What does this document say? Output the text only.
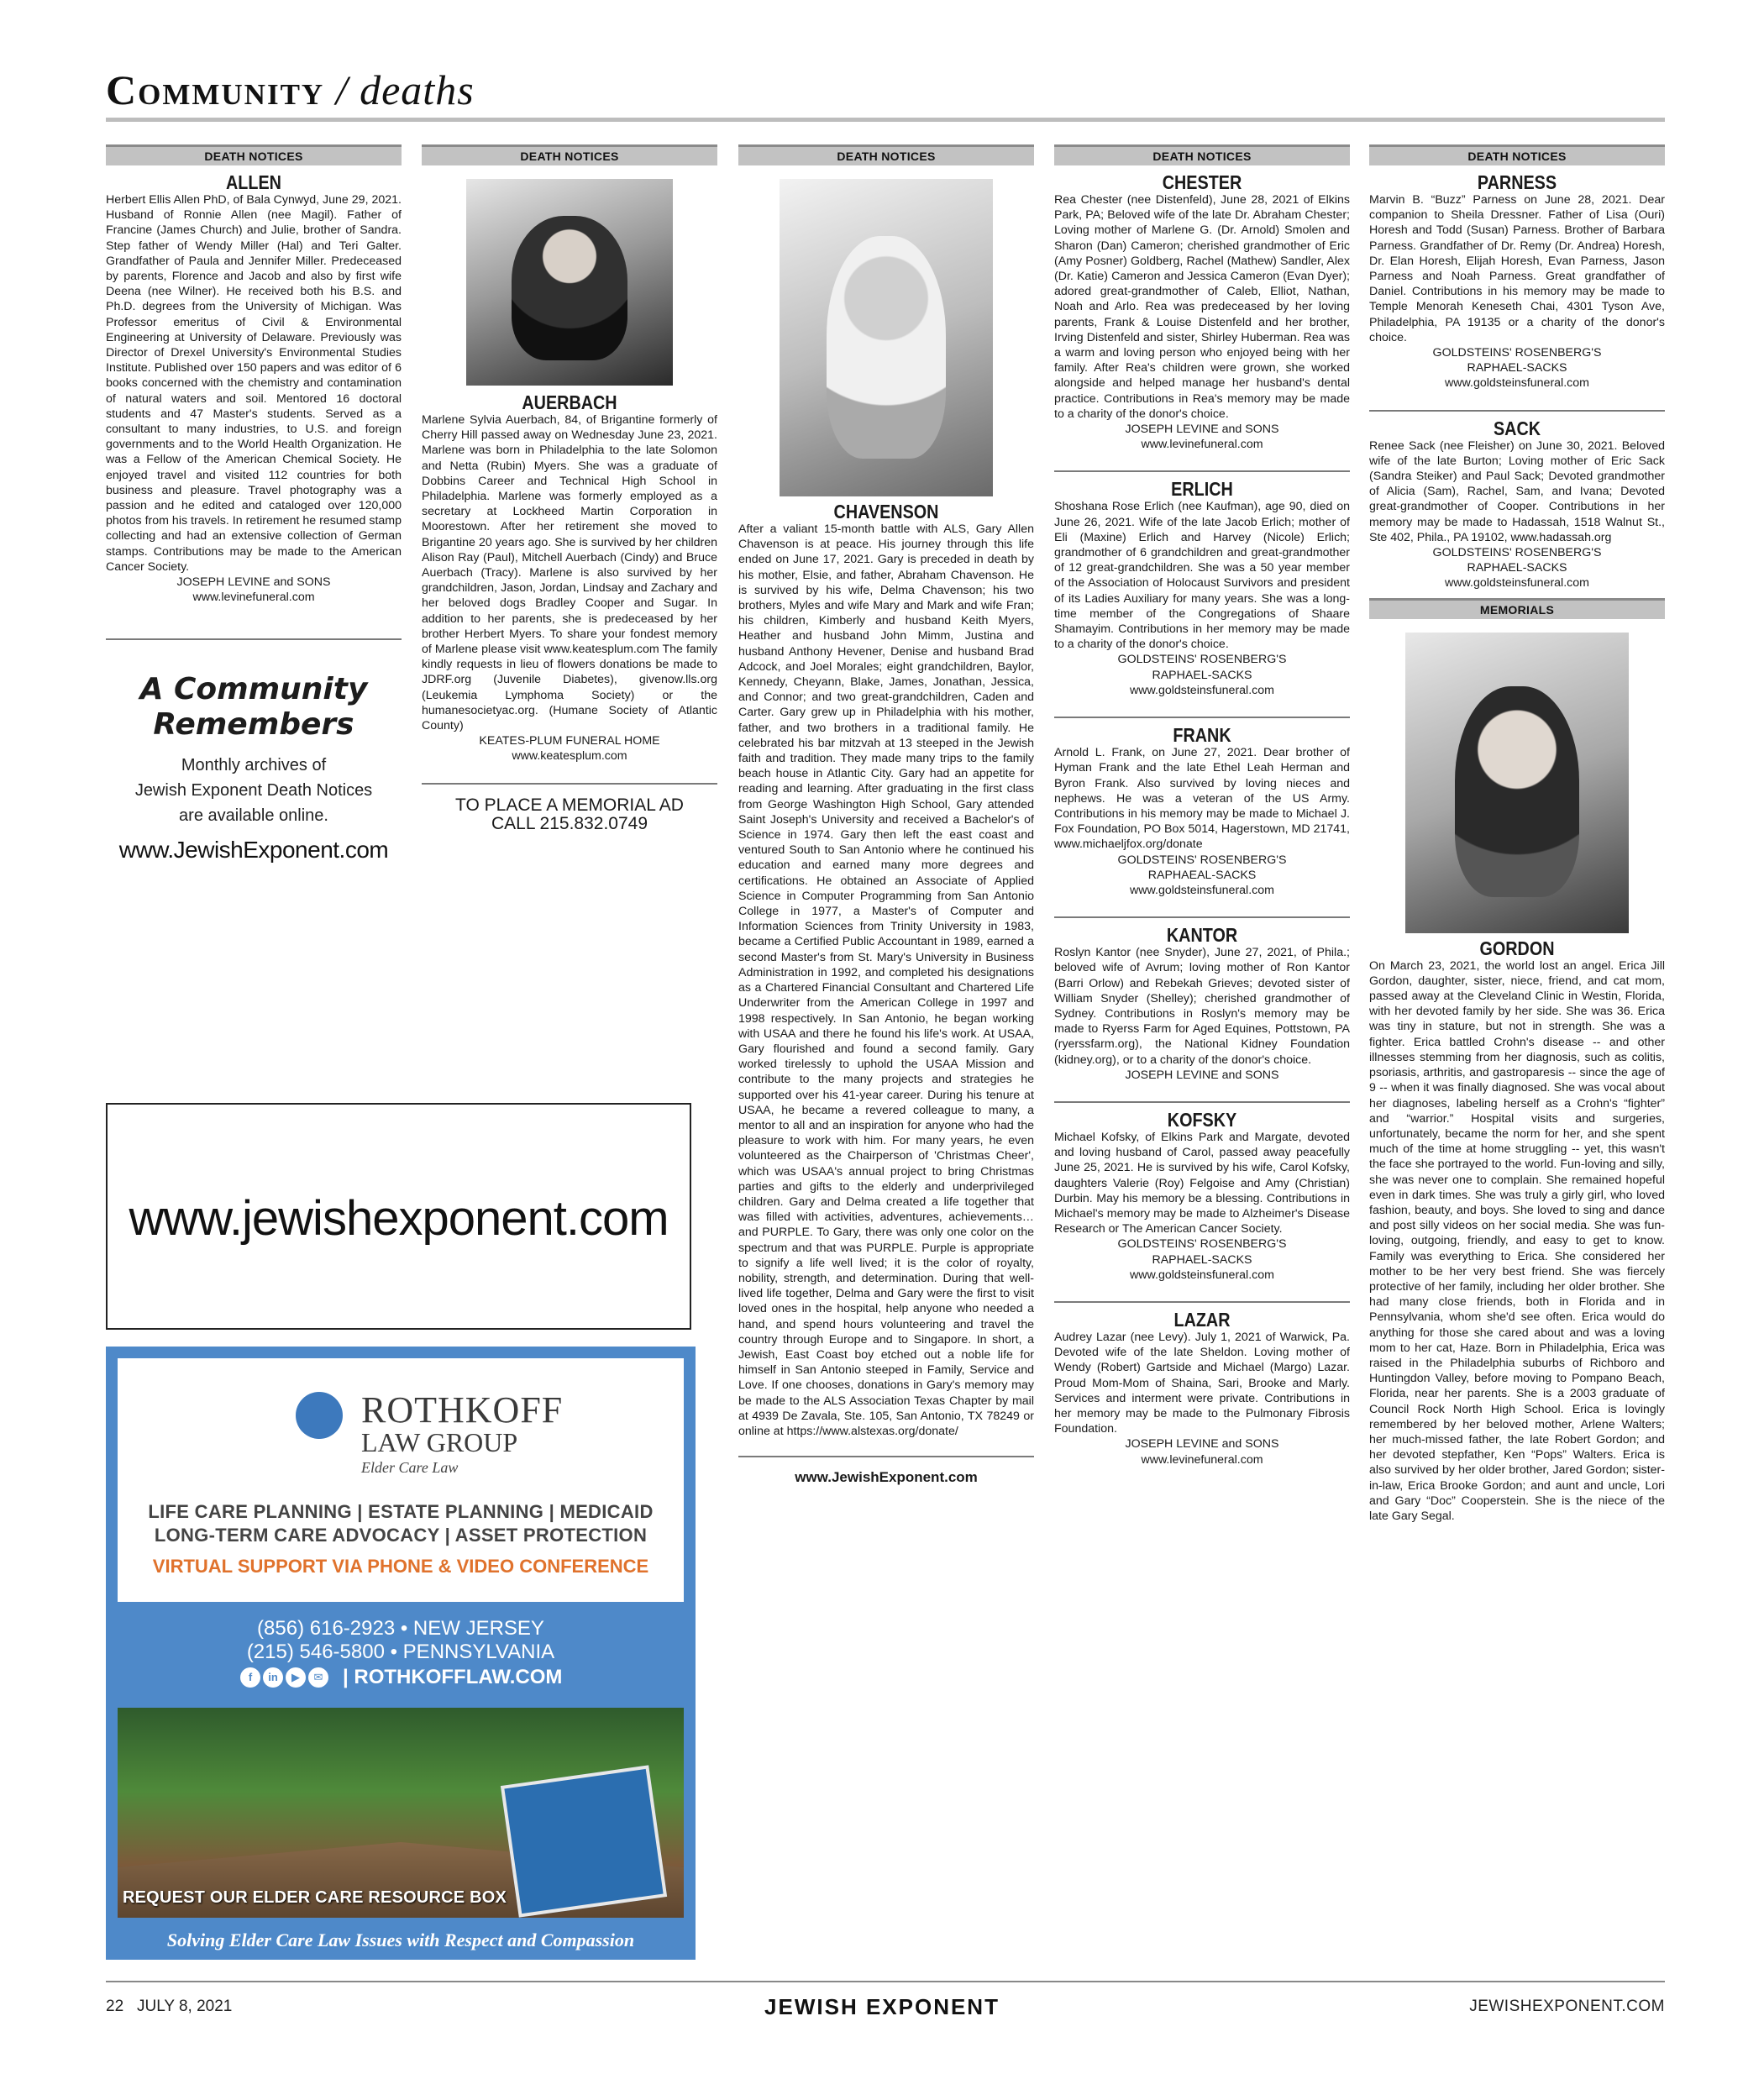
Community / deaths
DEATH NOTICES
ALLEN
Herbert Ellis Allen PhD, of Bala Cynwyd, June 29, 2021. Husband of Ronnie Allen (nee Magil). Father of Francine (James Church) and Julie, brother of Sandra. Step father of Wendy Miller (Hal) and Teri Galter. Grandfather of Paula and Jennifer Miller. Predeceased by parents, Florence and Jacob and also by first wife Deena (nee Wilner). He received both his B.S. and Ph.D. degrees from the University of Michigan. Was Professor emeritus of Civil & Environmental Engineering at University of Delaware. Previously was Director of Drexel University's Environmental Studies Institute. Published over 150 papers and was editor of 6 books concerned with the chemistry and contamination of natural waters and soil. Mentored 16 doctoral students and 47 Master's students. Served as a consultant to many industries, to U.S. and foreign governments and to the World Health Organization. He was a Fellow of the American Chemical Society. He enjoyed travel and visited 112 countries for both business and pleasure. Travel photography was a passion and he edited and cataloged over 120,000 photos from his travels. In retirement he resumed stamp collecting and had an extensive collection of German stamps. Contributions may be made to the American Cancer Society.
JOSEPH LEVINE and SONS
www.levinefuneral.com
A Community
Remembers
Monthly archives of
Jewish Exponent Death Notices
are available online.
www.JewishExponent.com
DEATH NOTICES
AUERBACH
Marlene Sylvia Auerbach, 84, of Brigantine formerly of Cherry Hill passed away on Wednesday June 23, 2021. Marlene was born in Philadelphia to the late Solomon and Netta (Rubin) Myers. She was a graduate of Dobbins Career and Technical High School in Philadelphia. Marlene was formerly employed as a secretary at Lockheed Martin Corporation in Moorestown. After her retirement she moved to Brigantine 20 years ago. She is survived by her children Alison Ray (Paul), Mitchell Auerbach (Cindy) and Bruce Auerbach (Tracy). Marlene is also survived by her grandchildren, Jason, Jordan, Lindsay and Zachary and her beloved dogs Bradley Cooper and Sugar. In addition to her parents, she is predeceased by her brother Herbert Myers. To share your fondest memory of Marlene please visit www.keatesplum.com The family kindly requests in lieu of flowers donations be made to JDRF.org (Juvenile Diabetes), givenow.lls.org (Leukemia Lymphoma Society) or the humanesocietyac.org. (Humane Society of Atlantic County)
KEATES-PLUM FUNERAL HOME
www.keatesplum.com
TO PLACE A MEMORIAL AD
CALL 215.832.0749
DEATH NOTICES
CHAVENSON
After a valiant 15-month battle with ALS, Gary Allen Chavenson is at peace. His journey through this life ended on June 17, 2021. Gary is preceded in death by his mother, Elsie, and father, Abraham Chavenson. He is survived by his wife, Delma Chavenson; his two brothers, Myles and wife Mary and Mark and wife Fran; his children, Kimberly and husband Keith Myers, Heather and husband John Mimm, Justina and husband Anthony Hevener, Denise and husband Brad Adcock, and Joel Morales; eight grandchildren, Baylor, Kennedy, Cheyann, Blake, James, Jonathan, Jessica, and Connor; and two great-grandchildren, Caden and Carter. Gary grew up in Philadelphia with his mother, father, and two brothers in a traditional family. He celebrated his bar mitzvah at 13 steeped in the Jewish faith and tradition. They made many trips to the family beach house in Atlantic City. Gary had an appetite for reading and learning. After graduating in the first class from George Washington High School, Gary attended Saint Joseph's University and received a Bachelor's of Science in 1974. Gary then left the east coast and ventured South to San Antonio where he continued his education and earned many more degrees and certifications. He obtained an Associate of Applied Science in Computer Programming from San Antonio College in 1977, a Master's of Computer and Information Sciences from Trinity University in 1983, became a Certified Public Accountant in 1989, earned a second Master's from St. Mary's University in Business Administration in 1992, and completed his designations as a Chartered Financial Consultant and Chartered Life Underwriter from the American College in 1997 and 1998 respectively. In San Antonio, he began working with USAA and there he found his life's work. At USAA, Gary flourished and found a second family. Gary worked tirelessly to uphold the USAA Mission and contribute to the many projects and strategies he supported over his 41-year career. During his tenure at USAA, he became a revered colleague to many, a mentor to all and an inspiration for anyone who had the pleasure to work with him. For many years, he even volunteered as the Chairperson of 'Christmas Cheer', which was USAA's annual project to bring Christmas parties and gifts to the elderly and underprivileged children. Gary and Delma created a life together that was filled with activities, adventures, achievements… and PURPLE. To Gary, there was only one color on the spectrum and that was PURPLE. Purple is appropriate to signify a life well lived; it is the color of royalty, nobility, strength, and determination. During that well-lived life together, Delma and Gary were the first to visit loved ones in the hospital, help anyone who needed a hand, and spend hours volunteering and travel the country through Europe and to Singapore. In short, a Jewish, East Coast boy etched out a noble life for himself in San Antonio steeped in Family, Service and Love. If one chooses, donations in Gary's memory may be made to the ALS Association Texas Chapter by mail at 4939 De Zavala, Ste. 105, San Antonio, TX 78249 or online at https://www.alstexas.org/donate/
www.JewishExponent.com
DEATH NOTICES
CHESTER
Rea Chester (nee Distenfeld), June 28, 2021 of Elkins Park, PA; Beloved wife of the late Dr. Abraham Chester; Loving mother of Marlene G. (Dr. Arnold) Smolen and Sharon (Dan) Cameron; cherished grandmother of Eric (Amy Posner) Goldberg, Rachel (Mathew) Sandler, Alex (Dr. Katie) Cameron and Jessica Cameron (Evan Dyer); adored great-grandmother of Caleb, Elliot, Nathan, Noah and Arlo. Rea was predeceased by her loving parents, Frank & Louise Distenfeld and her brother, Irving Distenfeld and sister, Shirley Huberman. Rea was a warm and loving person who enjoyed being with her family. After Rea's children were grown, she worked alongside and helped manage her husband's dental practice. Contributions in Rea's memory may be made to a charity of the donor's choice.
JOSEPH LEVINE and SONS
www.levinefuneral.com
ERLICH
Shoshana Rose Erlich (nee Kaufman), age 90, died on June 26, 2021. Wife of the late Jacob Erlich; mother of Eli (Maxine) Erlich and Harvey (Nicole) Erlich; grandmother of 6 grandchildren and great-grandmother of 12 great-grandchildren. She was a 50 year member of the Association of Holocaust Survivors and president of its Ladies Auxiliary for many years. She was a long-time member of the Congregations of Shaare Shamayim. Contributions in her memory may be made to a charity of the donor's choice.
GOLDSTEINS' ROSENBERG'S
RAPHAEL-SACKS
www.goldsteinsfuneral.com
FRANK
Arnold L. Frank, on June 27, 2021. Dear brother of Hyman Frank and the late Ethel Leah Herman and Byron Frank. Also survived by loving nieces and nephews. He was a veteran of the US Army. Contributions in his memory may be made to Michael J. Fox Foundation, PO Box 5014, Hagerstown, MD 21741, www.michaeljfox.org/donate
GOLDSTEINS' ROSENBERG'S
RAPHAEAL-SACKS
www.goldsteinsfuneral.com
KANTOR
Roslyn Kantor (nee Snyder), June 27, 2021, of Phila.; beloved wife of Avrum; loving mother of Ron Kantor (Barri Orlow) and Rebekah Grieves; devoted sister of William Snyder (Shelley); cherished grandmother of Sydney. Contributions in Roslyn's memory may be made to Ryerss Farm for Aged Equines, Pottstown, PA (ryerssfarm.org), the National Kidney Foundation (kidney.org), or to a charity of the donor's choice.
JOSEPH LEVINE and SONS
KOFSKY
Michael Kofsky, of Elkins Park and Margate, devoted and loving husband of Carol, passed away peacefully June 25, 2021. He is survived by his wife, Carol Kofsky, daughters Valerie (Roy) Felgoise and Amy (Christian) Durbin. May his memory be a blessing. Contributions in Michael's memory may be made to Alzheimer's Disease Research or The American Cancer Society.
GOLDSTEINS' ROSENBERG'S
RAPHAEL-SACKS
www.goldsteinsfuneral.com
LAZAR
Audrey Lazar (nee Levy). July 1, 2021 of Warwick, Pa. Devoted wife of the late Sheldon. Loving mother of Wendy (Robert) Gartside and Michael (Margo) Lazar. Proud Mom-Mom of Shaina, Sari, Brooke and Marly. Services and interment were private. Contributions in her memory may be made to the Pulmonary Fibrosis Foundation.
JOSEPH LEVINE and SONS
www.levinefuneral.com
DEATH NOTICES
PARNESS
Marvin B. “Buzz” Parness on June 28, 2021. Dear companion to Sheila Dressner. Father of Lisa (Ouri) Horesh and Todd (Susan) Parness. Brother of Barbara Parness. Grandfather of Dr. Remy (Dr. Andrea) Horesh, Dr. Elan Horesh, Elijah Horesh, Evan Parness, Jason Parness and Noah Parness. Great grandfather of Daniel. Contributions in his memory may be made to Temple Menorah Keneseth Chai, 4301 Tyson Ave, Philadelphia, PA 19135 or a charity of the donor's choice.
GOLDSTEINS' ROSENBERG'S
RAPHAEL-SACKS
www.goldsteinsfuneral.com
SACK
Renee Sack (nee Fleisher) on June 30, 2021. Beloved wife of the late Burton; Loving mother of Eric Sack (Sandra Steiker) and Paul Sack; Devoted grandmother of Alicia (Sam), Rachel, Sam, and Ivana; Devoted great-grandmother of Cooper. Contributions in her memory may be made to Hadassah, 1518 Walnut St., Ste 402, Phila., PA 19102, www.hadassah.org
GOLDSTEINS' ROSENBERG'S
RAPHAEL-SACKS
www.goldsteinsfuneral.com
MEMORIALS
GORDON
On March 23, 2021, the world lost an angel. Erica Jill Gordon, daughter, sister, niece, friend, and cat mom, passed away at the Cleveland Clinic in Westin, Florida, with her devoted family by her side. She was 36. Erica was tiny in stature, but not in strength. She was a fighter. Erica battled Crohn's disease -- and other illnesses stemming from her diagnosis, such as colitis, psoriasis, arthritis, and gastroparesis -- since the age of 9 -- when it was finally diagnosed. She was vocal about her diagnoses, labeling herself as a Crohn's “fighter” and “warrior.” Hospital visits and surgeries, unfortunately, became the norm for her, and she spent much of the time at home struggling -- yet, this wasn't the face she portrayed to the world. Fun-loving and silly, she was never one to complain. She remained hopeful even in dark times. She was truly a girly girl, who loved fashion, beauty, and boys. She loved to sing and dance and post silly videos on her social media. She was fun-loving, outgoing, friendly, and easy to get to know. Family was everything to Erica. She considered her mother to be her very best friend. She was fiercely protective of her family, including her older brother. She had many close friends, both in Florida and in Pennsylvania, whom she'd see often. Erica would do anything for those she cared about and was a loving mom to her cat, Haze. Born in Philadelphia, Erica was raised in the Philadelphia suburbs of Richboro and Huntingdon Valley, before moving to Pompano Beach, Florida, near her parents. She is a 2003 graduate of Council Rock North High School. Erica is lovingly remembered by her beloved mother, Arlene Walters; her much-missed father, the late Robert Gordon; and her devoted stepfather, Ken “Pops” Walters. Erica is also survived by her older brother, Jared Gordon; sister-in-law, Erica Brooke Gordon; and aunt and uncle, Lori and Gary “Doc” Cooperstein. She is the niece of the late Gary Segal.
www.jewishexponent.com
ROTHKOFF
LAW GROUP
Elder Care Law
LIFE CARE PLANNING | ESTATE PLANNING | MEDICAID
LONG-TERM CARE ADVOCACY | ASSET PROTECTION
VIRTUAL SUPPORT VIA PHONE & VIDEO CONFERENCE
(856) 616-2923 • NEW JERSEY
(215) 546-5800 • PENNSYLVANIA
f in ▶ ✉ | ROTHKOFFLAW.COM
REQUEST OUR ELDER CARE RESOURCE BOX
Solving Elder Care Law Issues with Respect and Compassion
22 JULY 8, 2021	JEWISH EXPONENT	JEWISHEXPONENT.COM
